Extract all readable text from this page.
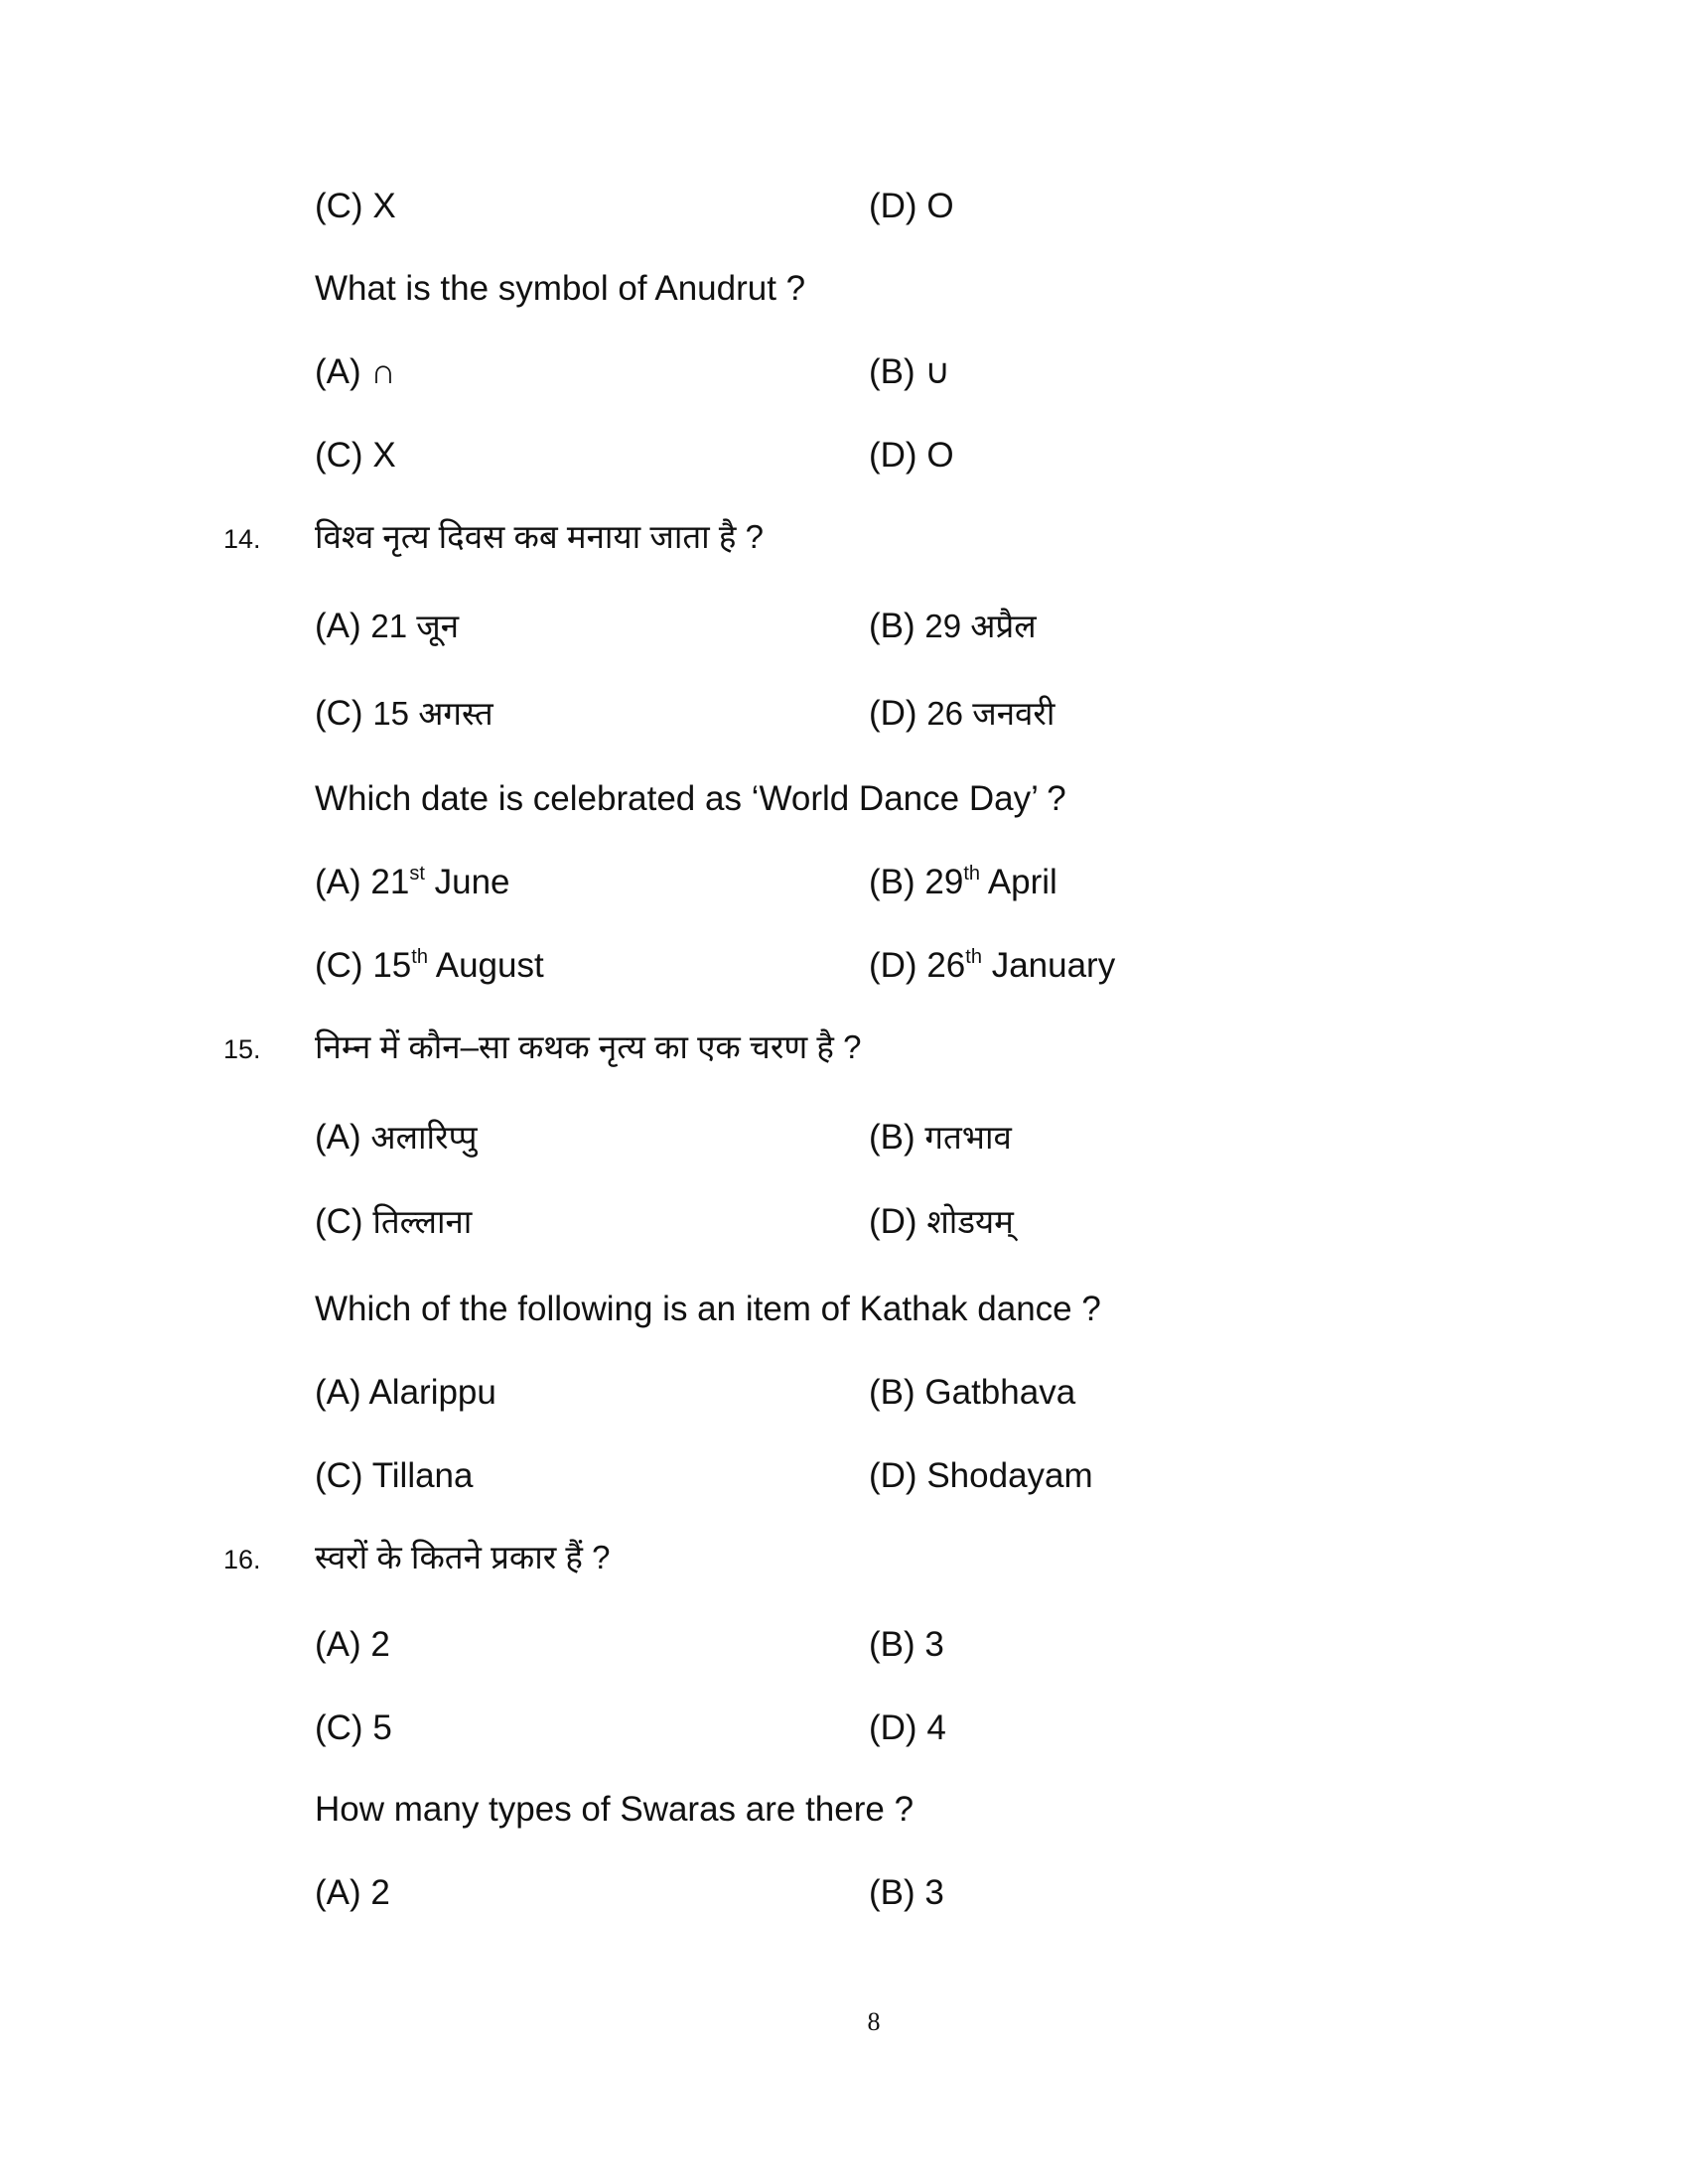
(C) X	(D) O
What is the symbol of Anudrut ?
(A) ∩	(B) ∪
(C) X	(D) O
14. विश्व नृत्य दिवस कब मनाया जाता है ?
(A) 21 जून	(B) 29 अप्रैल
(C) 15 अगस्त	(D) 26 जनवरी
Which date is celebrated as ‘World Dance Day’ ?
(A) 21st June	(B) 29th April
(C) 15th August	(D) 26th January
15. निम्न में कौन–सा कथक नृत्य का एक चरण है ?
(A) अलारिप्पु	(B) गतभाव
(C) तिल्लाना	(D) शोडयम्
Which of the following is an item of Kathak dance ?
(A) Alarippu	(B) Gatbhava
(C) Tillana	(D) Shodayam
16. स्वरों के कितने प्रकार हैं ?
(A) 2	(B) 3
(C) 5	(D) 4
How many types of Swaras are there ?
(A) 2	(B) 3
8
